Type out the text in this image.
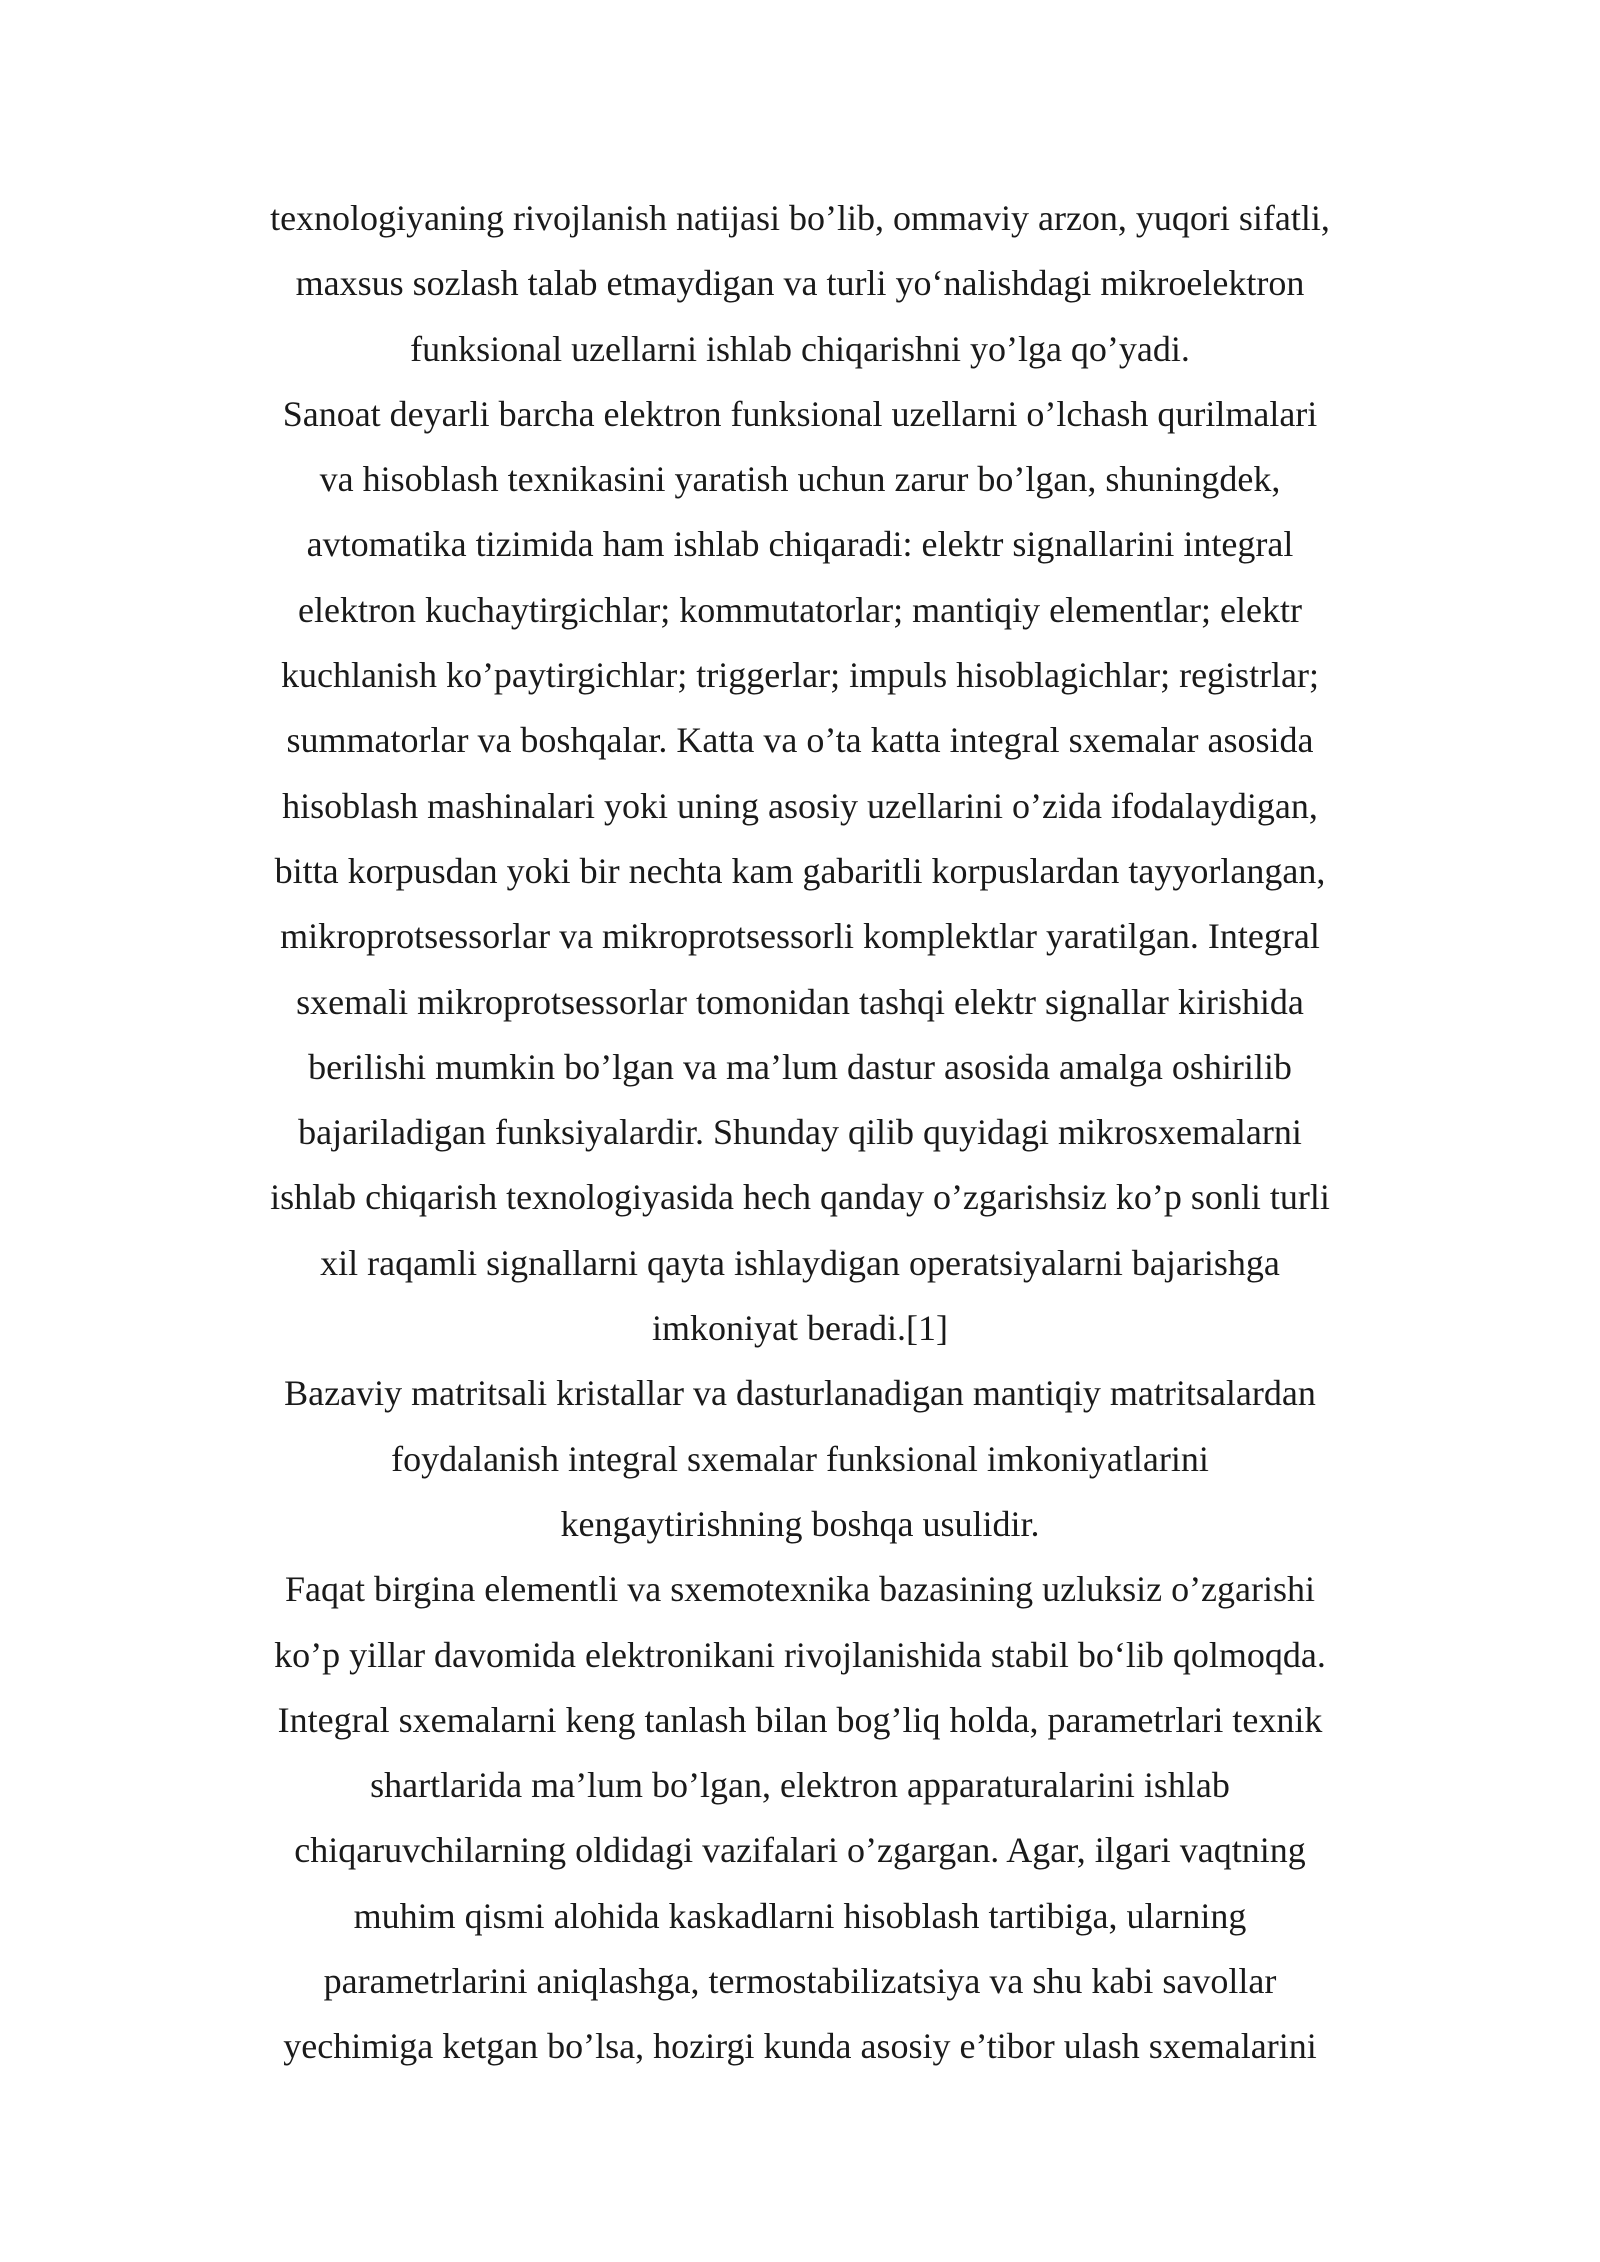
texnologiyaning rivojlanish natijasi bo’lib, ommaviy arzon, yuqori sifatli,
maxsus sozlash talab etmaydigan va turli yo‘nalishdagi mikroelektron
funksional uzellarni ishlab chiqarishni yo’lga qo’yadi.
Sanoat deyarli barcha elektron funksional uzellarni o’lchash qurilmalari
va hisoblash texnikasini yaratish uchun zarur bo’lgan, shuningdek,
avtomatika tizimida ham ishlab chiqaradi: elektr signallarini integral
elektron kuchaytirgichlar; kommutatorlar; mantiqiy elementlar; elektr
kuchlanish ko’paytirgichlar; triggerlar; impuls hisoblagichlar; registrlar;
summatorlar va boshqalar. Katta va o’ta katta integral sxemalar asosida
hisoblash mashinalari yoki uning asosiy uzellarini o’zida ifodalaydigan,
bitta korpusdan yoki bir nechta kam gabaritli korpuslardan tayyorlangan,
mikroprotsessorlar va mikroprotsessorli komplektlar yaratilgan. Integral
sxemali mikroprotsessorlar tomonidan tashqi elektr signallar kirishida
berilishi mumkin bo’lgan va ma’lum dastur asosida amalga oshirilib
bajariladigan funksiyalardir. Shunday qilib quyidagi mikrosxemalarni
ishlab chiqarish texnologiyasida hech qanday o’zgarishsiz ko’p sonli turli
xil raqamli signallarni qayta ishlaydigan operatsiyalarni bajarishga
imkoniyat beradi.[1]
Bazaviy matritsali kristallar va dasturlanadigan mantiqiy matritsalardan
foydalanish integral sxemalar funksional imkoniyatlarini
kengaytirishning boshqa usulidir.
Faqat birgina elementli va sxemotexnika bazasining uzluksiz o’zgarishi
ko’p yillar davomida elektronikani rivojlanishida stabil bo‘lib qolmoqda.
Integral sxemalarni keng tanlash bilan bog’liq holda, parametrlari texnik
shartlarida ma’lum bo’lgan, elektron apparaturalarini ishlab
chiqaruvchilarning oldidagi vazifalari o’zgargan. Agar, ilgari vaqtning
muhim qismi alohida kaskadlarni hisoblash tartibiga, ularning
parametrlarini aniqlashga, termostabilizatsiya va shu kabi savollar
yechimiga ketgan bo’lsa, hozirgi kunda asosiy e’tibor ulash sxemalarini
